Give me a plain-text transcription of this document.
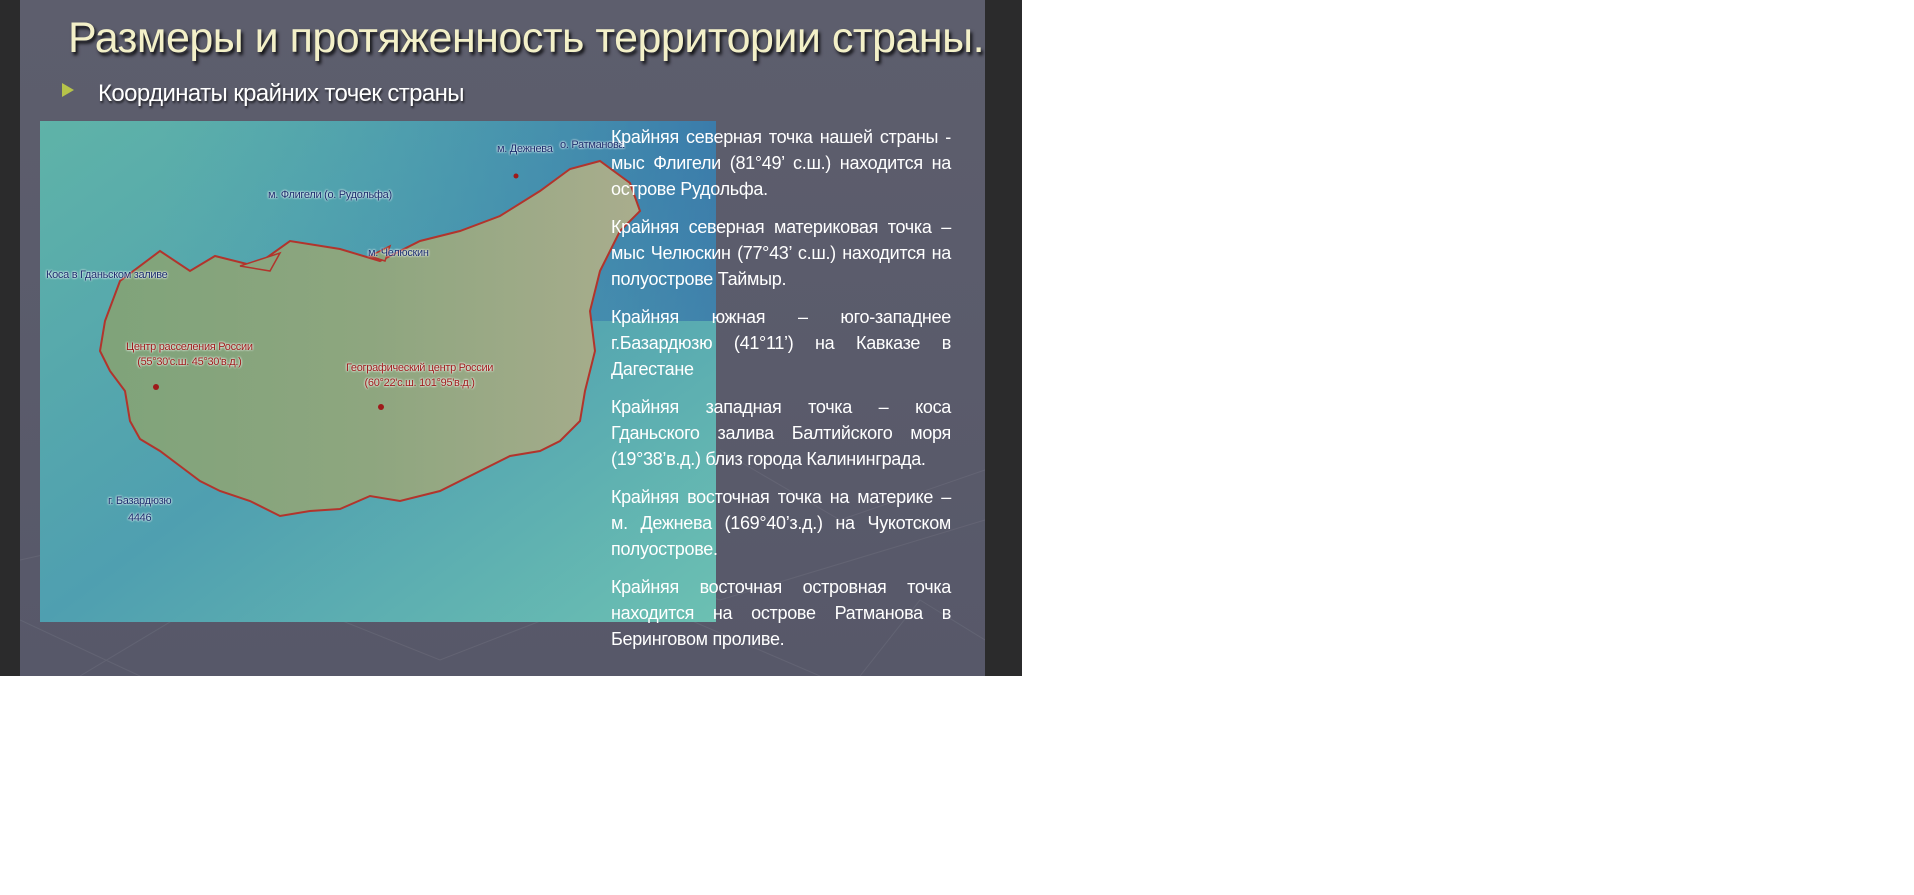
Размеры и протяженность территории страны.
Координаты крайних точек страны
м. Дежнева о. Ратманова
м. Флигели (о. Рудольфа)
м. Челюскин
Коса в Гданьском заливе
Центр расселения России
(55°30'с.ш. 45°30'в.д.)	Географический центр России
(60°22'с.ш. 101°95'в.д.)
г. Базардюзю
4446

Крайняя северная точка нашей страны - мыс Флигели (81°49’ с.ш.) находится на острове Рудольфа.

Крайняя северная материковая точка – мыс Челюскин (77°43’ с.ш.) находится на полуострове Таймыр.

Крайняя южная – юго-западнее г.Базардюзю (41°11’) на Кавказе в Дагестане

Крайняя западная точка – коса Гданьского залива Балтийского моря (19°38’в.д.) близ города Калининграда.

Крайняя восточная точка на материке – м. Дежнева (169°40’з.д.) на Чукотском полуострове.

Крайняя восточная островная точка находится на острове Ратманова в Беринговом проливе.
